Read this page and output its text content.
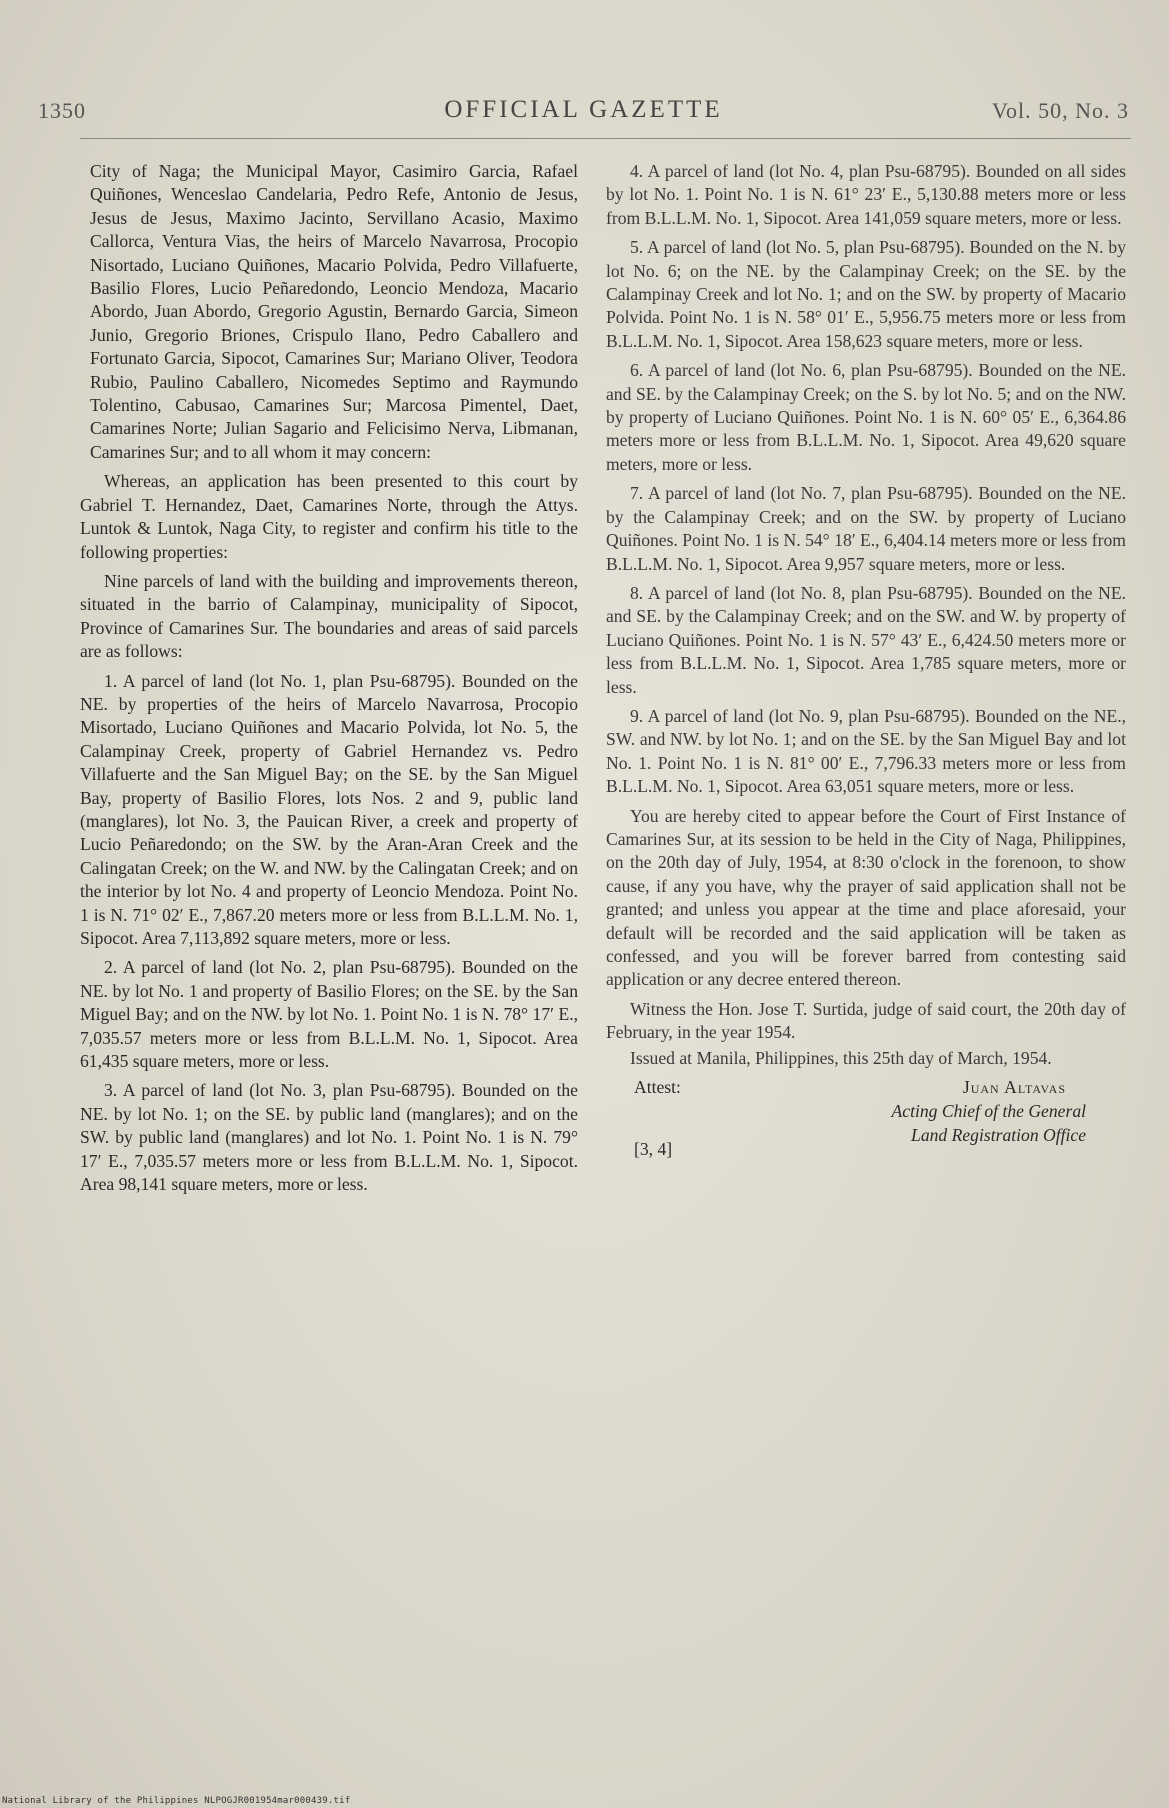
1350	OFFICIAL GAZETTE	Vol. 50, No. 3

City of Naga; the Municipal Mayor, Casimiro Garcia, Rafael Quiñones, Wenceslao Candelaria, Pedro Refe, Antonio de Jesus, Jesus de Jesus, Maximo Jacinto, Servillano Acasio, Maximo Callorca, Ventura Vias, the heirs of Marcelo Navarrosa, Procopio Nisortado, Luciano Quiñones, Macario Polvida, Pedro Villafuerte, Basilio Flores, Lucio Peñaredondo, Leoncio Mendoza, Macario Abordo, Juan Abordo, Gregorio Agustin, Bernardo Garcia, Simeon Junio, Gregorio Briones, Crispulo Ilano, Pedro Caballero and Fortunato Garcia, Sipocot, Camarines Sur; Mariano Oliver, Teodora Rubio, Paulino Caballero, Nicomedes Septimo and Raymundo Tolentino, Cabusao, Camarines Sur; Marcosa Pimentel, Daet, Camarines Norte; Julian Sagario and Felicisimo Nerva, Libmanan, Camarines Sur; and to all whom it may concern:

Whereas, an application has been presented to this court by Gabriel T. Hernandez, Daet, Camarines Norte, through the Attys. Luntok & Luntok, Naga City, to register and confirm his title to the following properties:

Nine parcels of land with the building and improvements thereon, situated in the barrio of Calampinay, municipality of Sipocot, Province of Camarines Sur. The boundaries and areas of said parcels are as follows:

1. A parcel of land (lot No. 1, plan Psu-68795). Bounded on the NE. by properties of the heirs of Marcelo Navarrosa, Procopio Misortado, Luciano Quiñones and Macario Polvida, lot No. 5, the Calampinay Creek, property of Gabriel Hernandez vs. Pedro Villafuerte and the San Miguel Bay; on the SE. by the San Miguel Bay, property of Basilio Flores, lots Nos. 2 and 9, public land (manglares), lot No. 3, the Pauican River, a creek and property of Lucio Peñaredondo; on the SW. by the Aran-Aran Creek and the Calingatan Creek; on the W. and NW. by the Calingatan Creek; and on the interior by lot No. 4 and property of Leoncio Mendoza. Point No. 1 is N. 71° 02′ E., 7,867.20 meters more or less from B.L.L.M. No. 1, Sipocot. Area 7,113,892 square meters, more or less.

2. A parcel of land (lot No. 2, plan Psu-68795). Bounded on the NE. by lot No. 1 and property of Basilio Flores; on the SE. by the San Miguel Bay; and on the NW. by lot No. 1. Point No. 1 is N. 78° 17′ E., 7,035.57 meters more or less from B.L.L.M. No. 1, Sipocot. Area 61,435 square meters, more or less.

3. A parcel of land (lot No. 3, plan Psu-68795). Bounded on the NE. by lot No. 1; on the SE. by public land (manglares); and on the SW. by public land (manglares) and lot No. 1. Point No. 1 is N. 79° 17′ E., 7,035.57 meters more or less from B.L.L.M. No. 1, Sipocot. Area 98,141 square meters, more or less.

4. A parcel of land (lot No. 4, plan Psu-68795). Bounded on all sides by lot No. 1. Point No. 1 is N. 61° 23′ E., 5,130.88 meters more or less from B.L.L.M. No. 1, Sipocot. Area 141,059 square meters, more or less.

5. A parcel of land (lot No. 5, plan Psu-68795). Bounded on the N. by lot No. 6; on the NE. by the Calampinay Creek; on the SE. by the Calampinay Creek and lot No. 1; and on the SW. by property of Macario Polvida. Point No. 1 is N. 58° 01′ E., 5,956.75 meters more or less from B.L.L.M. No. 1, Sipocot. Area 158,623 square meters, more or less.

6. A parcel of land (lot No. 6, plan Psu-68795). Bounded on the NE. and SE. by the Calampinay Creek; on the S. by lot No. 5; and on the NW. by property of Luciano Quiñones. Point No. 1 is N. 60° 05′ E., 6,364.86 meters more or less from B.L.L.M. No. 1, Sipocot. Area 49,620 square meters, more or less.

7. A parcel of land (lot No. 7, plan Psu-68795). Bounded on the NE. by the Calampinay Creek; and on the SW. by property of Luciano Quiñones. Point No. 1 is N. 54° 18′ E., 6,404.14 meters more or less from B.L.L.M. No. 1, Sipocot. Area 9,957 square meters, more or less.

8. A parcel of land (lot No. 8, plan Psu-68795). Bounded on the NE. and SE. by the Calampinay Creek; and on the SW. and W. by property of Luciano Quiñones. Point No. 1 is N. 57° 43′ E., 6,424.50 meters more or less from B.L.L.M. No. 1, Sipocot. Area 1,785 square meters, more or less.

9. A parcel of land (lot No. 9, plan Psu-68795). Bounded on the NE., SW. and NW. by lot No. 1; and on the SE. by the San Miguel Bay and lot No. 1. Point No. 1 is N. 81° 00′ E., 7,796.33 meters more or less from B.L.L.M. No. 1, Sipocot. Area 63,051 square meters, more or less.

You are hereby cited to appear before the Court of First Instance of Camarines Sur, at its session to be held in the City of Naga, Philippines, on the 20th day of July, 1954, at 8:30 o'clock in the forenoon, to show cause, if any you have, why the prayer of said application shall not be granted; and unless you appear at the time and place aforesaid, your default will be recorded and the said application will be taken as confessed, and you will be forever barred from contesting said application or any decree entered thereon.

Witness the Hon. Jose T. Surtida, judge of said court, the 20th day of February, in the year 1954.

Issued at Manila, Philippines, this 25th day of March, 1954.

Attest:	Juan Altavas
Acting Chief of the General
Land Registration Office
[3, 4]
National Library of the Philippines NLPOGJR001954mar000439.tif
